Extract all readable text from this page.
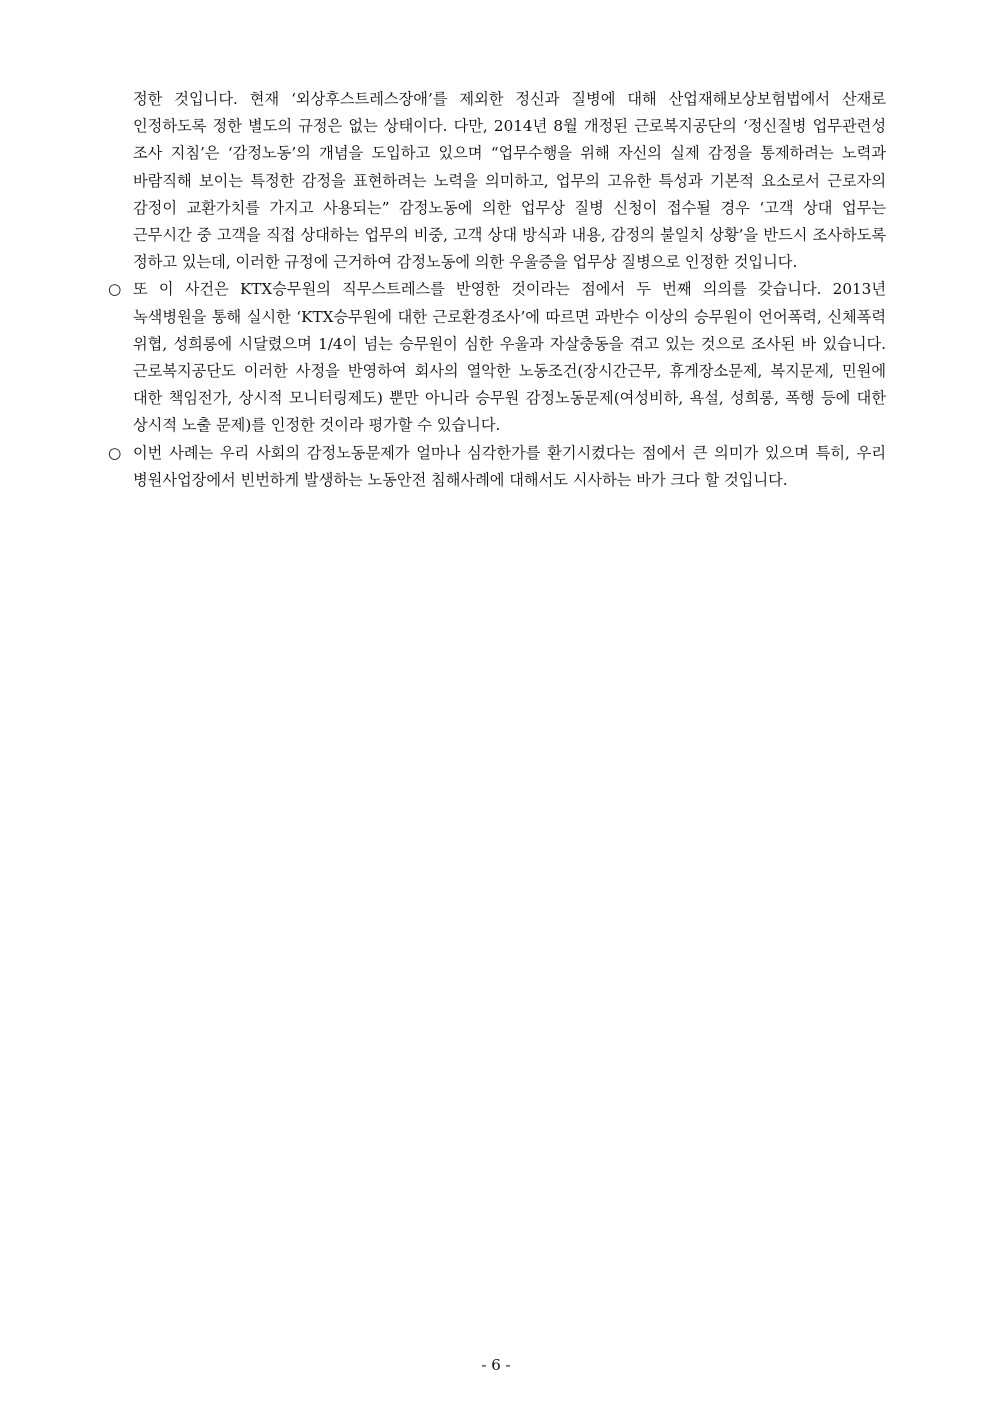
정한 것입니다. 현재 ‘외상후스트레스장애’를 제외한 정신과 질병에 대해 산업재해보상보험법에서 산재로 인정하도록 정한 별도의 규정은 없는 상태이다. 다만, 2014년 8월 개정된 근로복지공단의 ‘정신질병 업무관련성 조사 지침’은 ‘감정노동’의 개념을 도입하고 있으며 “업무수행을 위해 자신의 실제 감정을 통제하려는 노력과 바람직해 보이는 특정한 감정을 표현하려는 노력을 의미하고, 업무의 고유한 특성과 기본적 요소로서 근로자의 감정이 교환가치를 가지고 사용되는” 감정노동에 의한 업무상 질병 신청이 접수될 경우 ‘고객 상대 업무는 근무시간 중 고객을 직접 상대하는 업무의 비중, 고객 상대 방식과 내용, 감정의 불일치 상황’을 반드시 조사하도록 정하고 있는데, 이러한 규정에 근거하여 감정노동에 의한 우울증을 업무상 질병으로 인정한 것입니다.

○ 또 이 사건은 KTX승무원의 직무스트레스를 반영한 것이라는 점에서 두 번째 의의를 갖습니다. 2013년 녹색병원을 통해 실시한 ‘KTX승무원에 대한 근로환경조사’에 따르면 과반수 이상의 승무원이 언어폭력, 신체폭력 위협, 성희롱에 시달렸으며 1/4이 넘는 승무원이 심한 우울과 자살충동을 겪고 있는 것으로 조사된 바 있습니다. 근로복지공단도 이러한 사정을 반영하여 회사의 열악한 노동조건(장시간근무, 휴게장소문제, 복지문제, 민원에 대한 책임전가, 상시적 모니터링제도) 뿐만 아니라 승무원 감정노동문제(여성비하, 욕설, 성희롱, 폭행 등에 대한 상시적 노출 문제)를 인정한 것이라 평가할 수 있습니다.
○ 이번 사례는 우리 사회의 감정노동문제가 얼마나 심각한가를 환기시켰다는 점에서 큰 의미가 있으며 특히, 우리 병원사업장에서 빈번하게 발생하는 노동안전 침해사례에 대해서도 시사하는 바가 크다 할 것입니다.
- 6 -
